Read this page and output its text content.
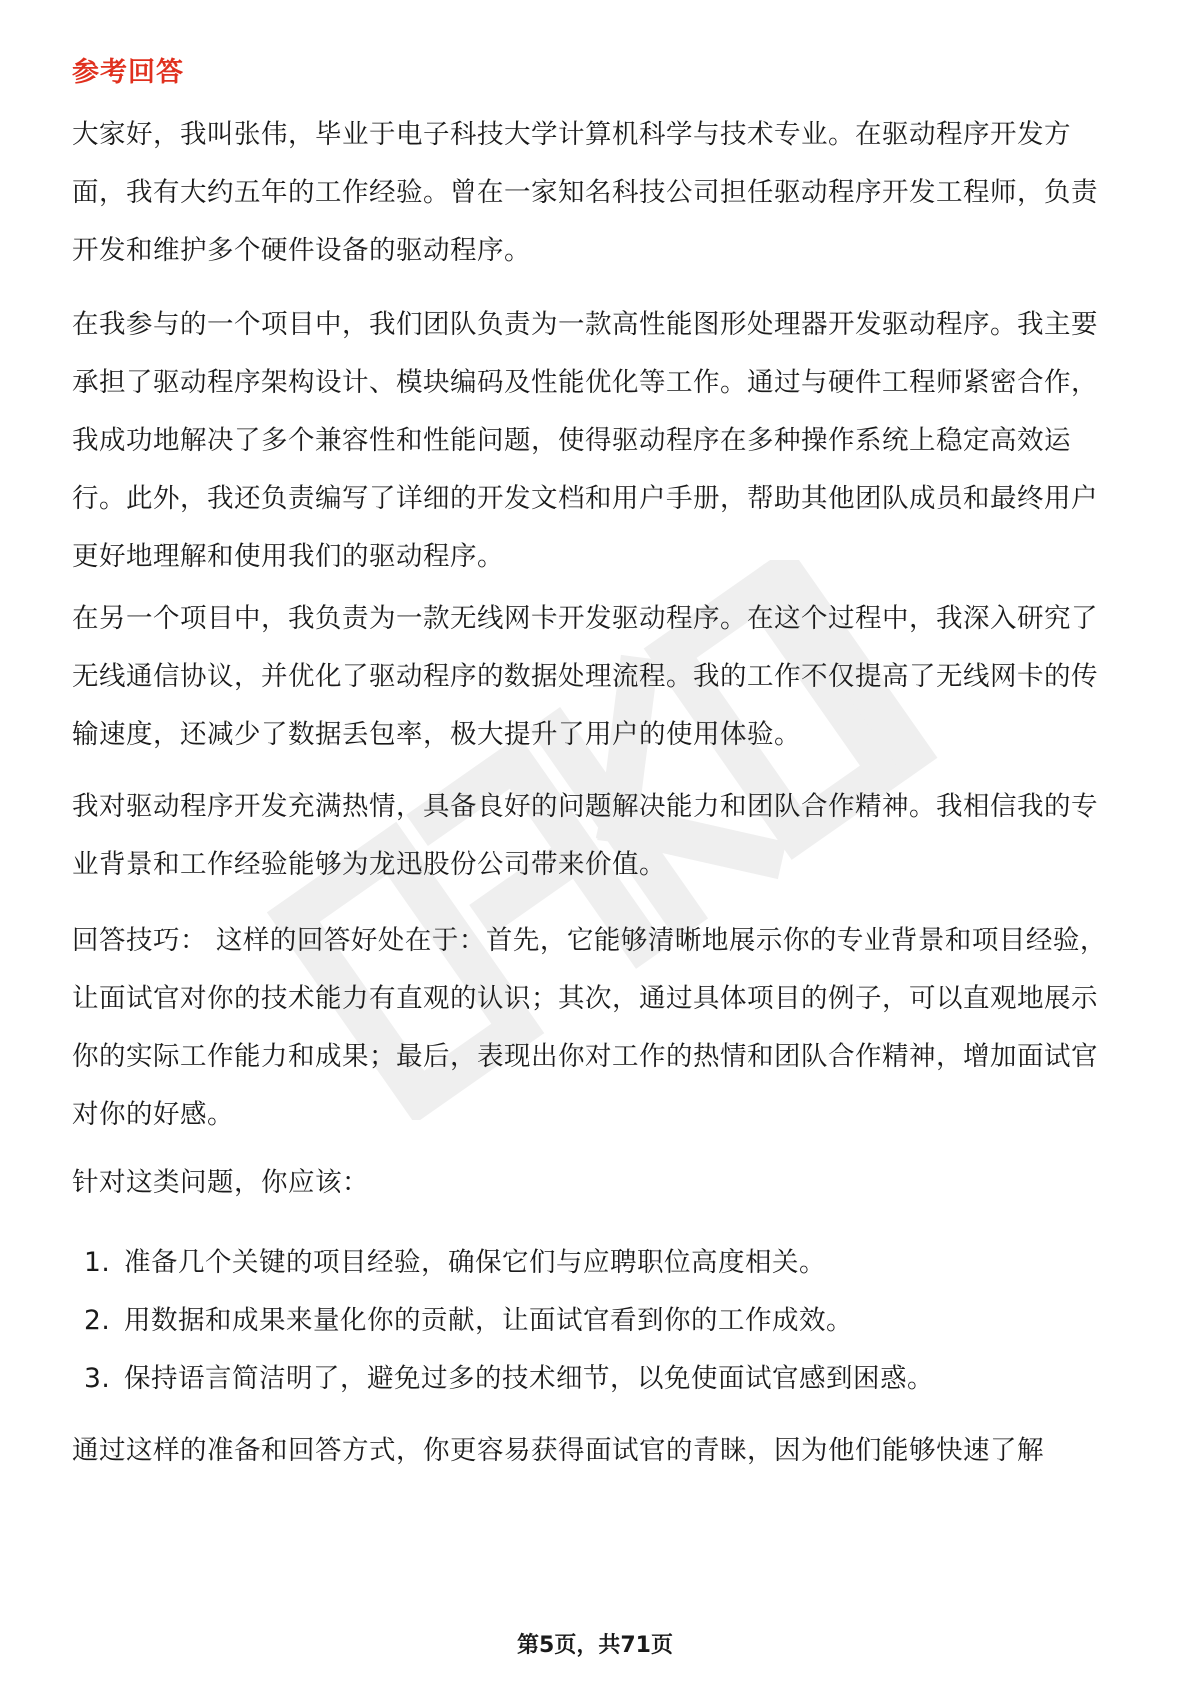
参考回答

大家好，我叫张伟，毕业于电子科技大学计算机科学与技术专业。在驱动程序开发方面，我有大约五年的工作经验。曾在一家知名科技公司担任驱动程序开发工程师，负责开发和维护多个硬件设备的驱动程序。

在我参与的一个项目中，我们团队负责为一款高性能图形处理器开发驱动程序。我主要承担了驱动程序架构设计、模块编码及性能优化等工作。通过与硬件工程师紧密合作，我成功地解决了多个兼容性和性能问题，使得驱动程序在多种操作系统上稳定高效运行。此外，我还负责编写了详细的开发文档和用户手册，帮助其他团队成员和最终用户更好地理解和使用我们的驱动程序。

在另一个项目中，我负责为一款无线网卡开发驱动程序。在这个过程中，我深入研究了无线通信协议，并优化了驱动程序的数据处理流程。我的工作不仅提高了无线网卡的传输速度，还减少了数据丢包率，极大提升了用户的使用体验。

我对驱动程序开发充满热情，具备良好的问题解决能力和团队合作精神。我相信我的专业背景和工作经验能够为龙迅股份公司带来价值。

回答技巧： 这样的回答好处在于：首先，它能够清晰地展示你的专业背景和项目经验，让面试官对你的技术能力有直观的认识；其次，通过具体项目的例子，可以直观地展示你的实际工作能力和成果；最后，表现出你对工作的热情和团队合作精神，增加面试官对你的好感。

针对这类问题，你应该：

1. 准备几个关键的项目经验，确保它们与应聘职位高度相关。
2. 用数据和成果来量化你的贡献，让面试官看到你的工作成效。
3. 保持语言简洁明了，避免过多的技术细节，以免使面试官感到困惑。

通过这样的准备和回答方式，你更容易获得面试官的青睐，因为他们能够快速了解

第5页，共71页
